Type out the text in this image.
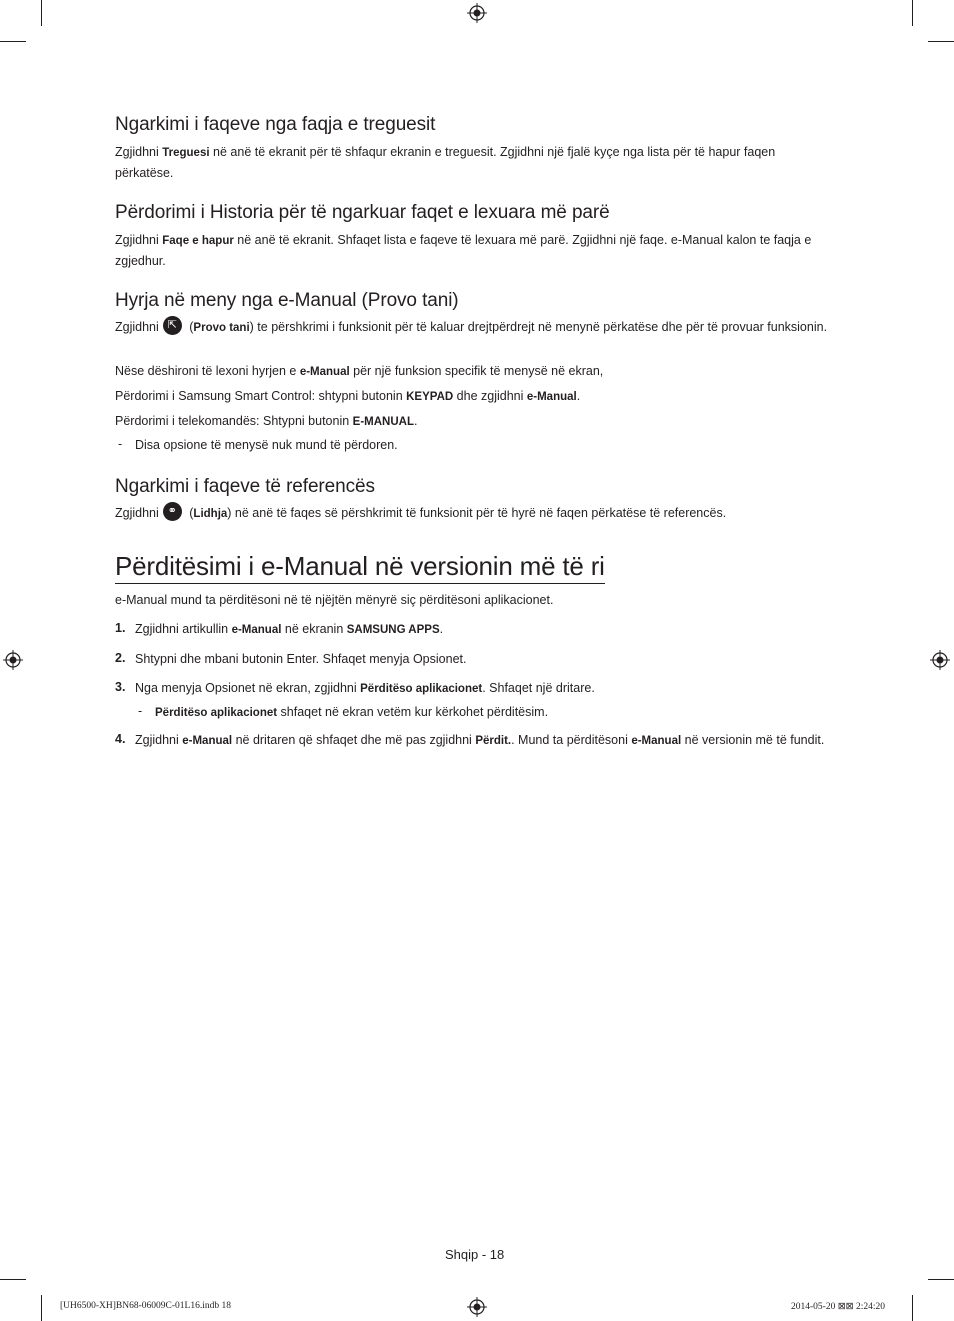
Ngarkimi i faqeve nga faqja e treguesit

Zgjidhni Treguesi në anë të ekranit për të shfaqur ekranin e treguesit. Zgjidhni një fjalë kyçe nga lista për të hapur faqen përkatëse.

Përdorimi i Historia për të ngarkuar faqet e lexuara më parë

Zgjidhni Faqe e hapur në anë të ekranit. Shfaqet lista e faqeve të lexuara më parë. Zgjidhni një faqe. e-Manual kalon te faqja e zgjedhur.

Hyrja në meny nga e-Manual (Provo tani)

Zgjidhni ⇱ (Provo tani) te përshkrimi i funksionit për të kaluar drejtpërdrejt në menynë përkatëse dhe për të provuar funksionin.

Nëse dëshironi të lexoni hyrjen e e-Manual për një funksion specifik të menysë në ekran,

Përdorimi i Samsung Smart Control: shtypni butonin KEYPAD dhe zgjidhni e-Manual.

Përdorimi i telekomandës: Shtypni butonin E-MANUAL.

- Disa opsione të menysë nuk mund të përdoren.

Ngarkimi i faqeve të referencës

Zgjidhni ⚭ (Lidhja) në anë të faqes së përshkrimit të funksionit për të hyrë në faqen përkatëse të referencës.

Përditësimi i e-Manual në versionin më të ri

e-Manual mund ta përditësoni në të njëjtën mënyrë siç përditësoni aplikacionet.

1. Zgjidhni artikullin e-Manual në ekranin SAMSUNG APPS.
2. Shtypni dhe mbani butonin Enter. Shfaqet menyja Opsionet.
3. Nga menyja Opsionet në ekran, zgjidhni Përditëso aplikacionet. Shfaqet një dritare.
- Përditëso aplikacionet shfaqet në ekran vetëm kur kërkohet përditësim.
4. Zgjidhni e-Manual në dritaren që shfaqet dhe më pas zgjidhni Përdit.. Mund ta përditësoni e-Manual në versionin më të fundit.
Shqip - 18
[UH6500-XH]BN68-06009C-01L16.indb 18	2014-05-20 ⊠⊠ 2:24:20
